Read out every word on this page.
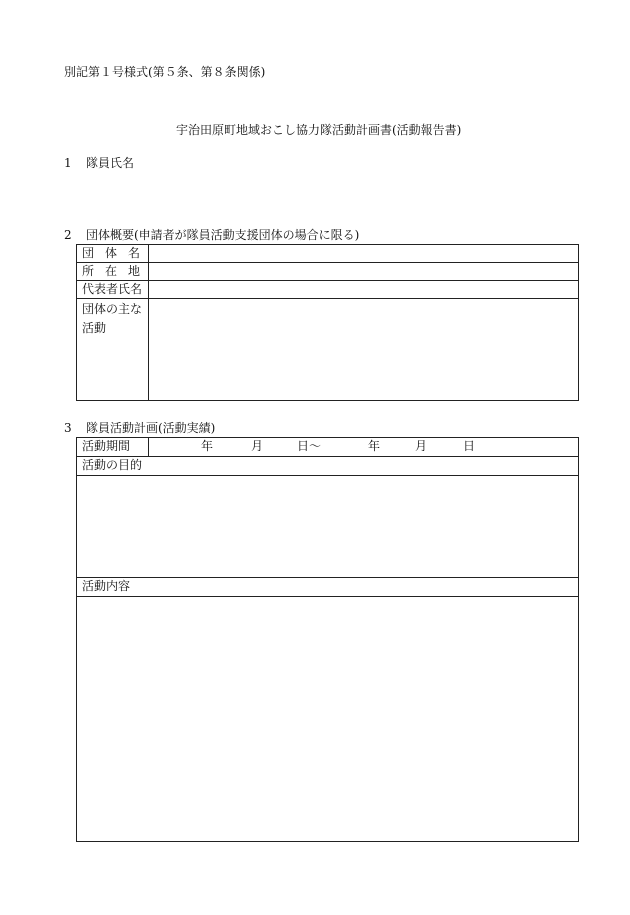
別記第１号様式(第５条、第８条関係)
宇治田原町地域おこし協力隊活動計画書(活動報告書)
1 隊員氏名
2 団体概要(申請者が隊員活動支援団体の場合に限る)
団体名	
所在地	
代表者氏名	
団体の主な活動	
3 隊員活動計画(活動実績)
活動期間	年	月	日～	年	月	日

活動の目的

活動内容
